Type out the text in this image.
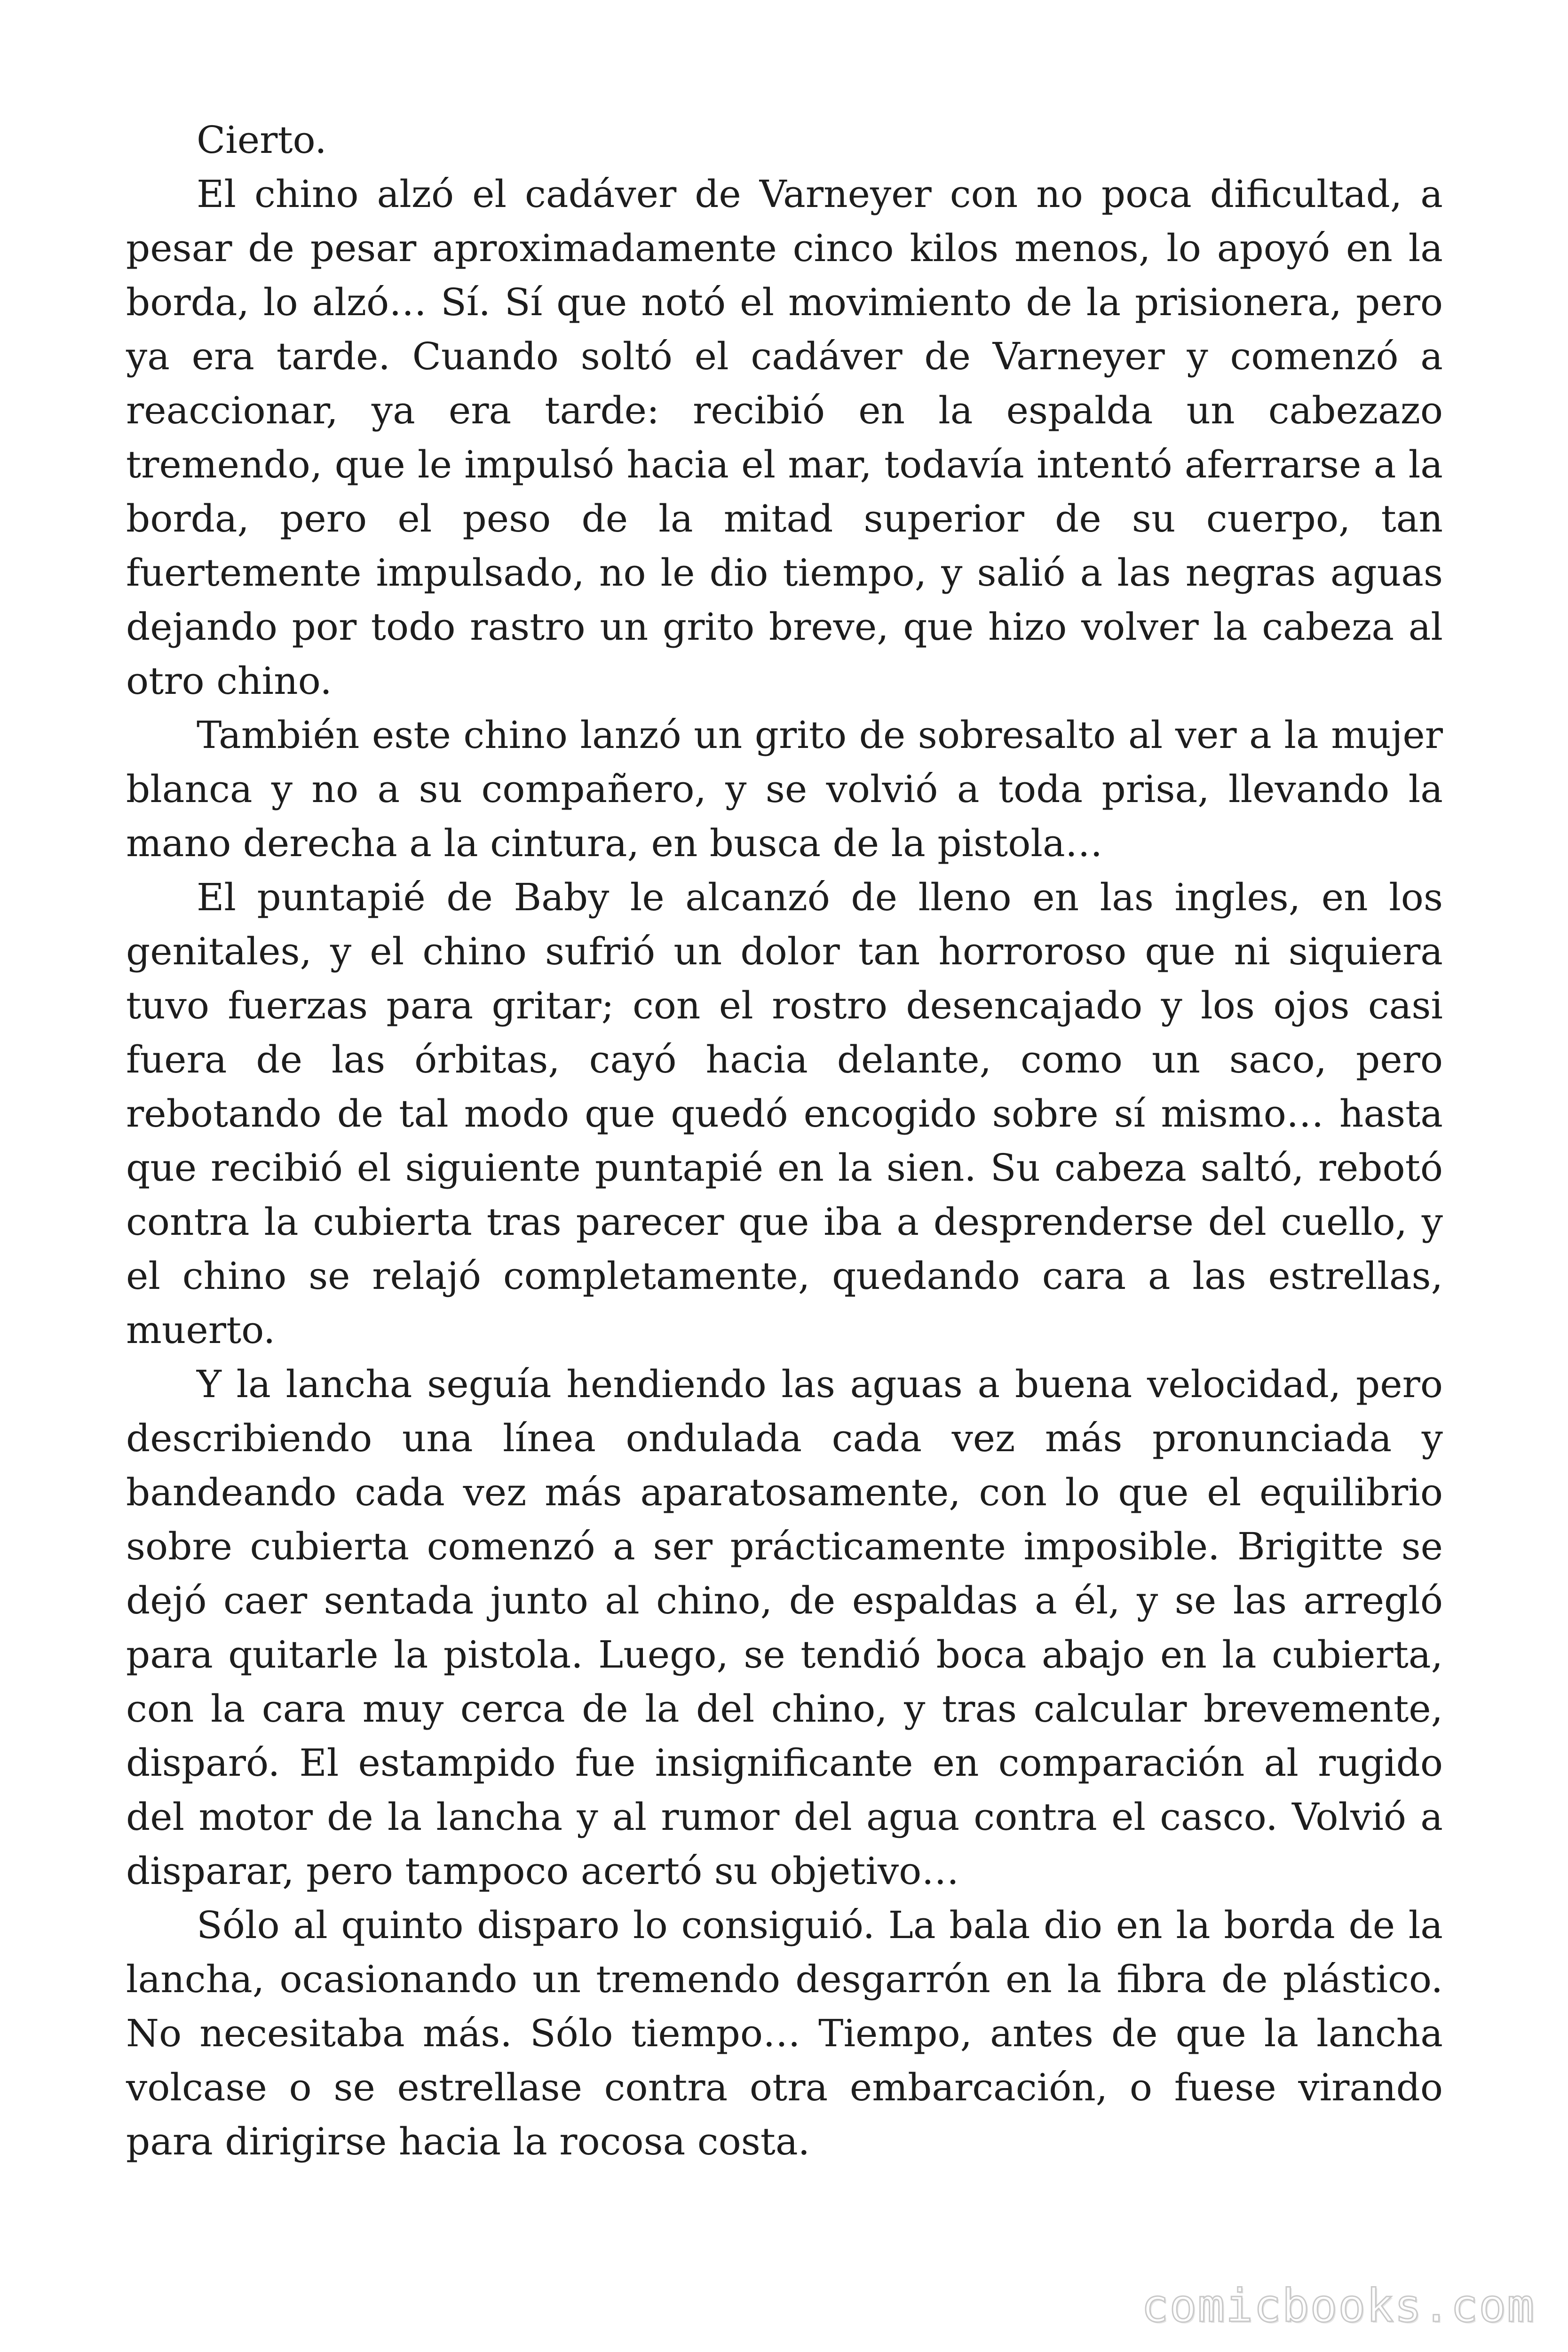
Cierto.

El chino alzó el cadáver de Varneyer con no poca dificultad, a pesar de pesar aproximadamente cinco kilos menos, lo apoyó en la borda, lo alzó… Sí. Sí que notó el movimiento de la prisionera, pero ya era tarde. Cuando soltó el cadáver de Varneyer y comenzó a reaccionar, ya era tarde: recibió en la espalda un cabezazo tremendo, que le impulsó hacia el mar, todavía intentó aferrarse a la borda, pero el peso de la mitad superior de su cuerpo, tan fuertemente impulsado, no le dio tiempo, y salió a las negras aguas dejando por todo rastro un grito breve, que hizo volver la cabeza al otro chino.

También este chino lanzó un grito de sobresalto al ver a la mujer blanca y no a su compañero, y se volvió a toda prisa, llevando la mano derecha a la cintura, en busca de la pistola…

El puntapié de Baby le alcanzó de lleno en las ingles, en los genitales, y el chino sufrió un dolor tan horroroso que ni siquiera tuvo fuerzas para gritar; con el rostro desencajado y los ojos casi fuera de las órbitas, cayó hacia delante, como un saco, pero rebotando de tal modo que quedó encogido sobre sí mismo… hasta que recibió el siguiente puntapié en la sien. Su cabeza saltó, rebotó contra la cubierta tras parecer que iba a desprenderse del cuello, y el chino se relajó completamente, quedando cara a las estrellas, muerto.

Y la lancha seguía hendiendo las aguas a buena velocidad, pero describiendo una línea ondulada cada vez más pronunciada y bandeando cada vez más aparatosamente, con lo que el equilibrio sobre cubierta comenzó a ser prácticamente imposible. Brigitte se dejó caer sentada junto al chino, de espaldas a él, y se las arregló para quitarle la pistola. Luego, se tendió boca abajo en la cubierta, con la cara muy cerca de la del chino, y tras calcular brevemente, disparó. El estampido fue insignificante en comparación al rugido del motor de la lancha y al rumor del agua contra el casco. Volvió a disparar, pero tampoco acertó su objetivo…

Sólo al quinto disparo lo consiguió. La bala dio en la borda de la lancha, ocasionando un tremendo desgarrón en la fibra de plástico. No necesitaba más. Sólo tiempo… Tiempo, antes de que la lancha volcase o se estrellase contra otra embarcación, o fuese virando para dirigirse hacia la rocosa costa.

comicbooks.com
